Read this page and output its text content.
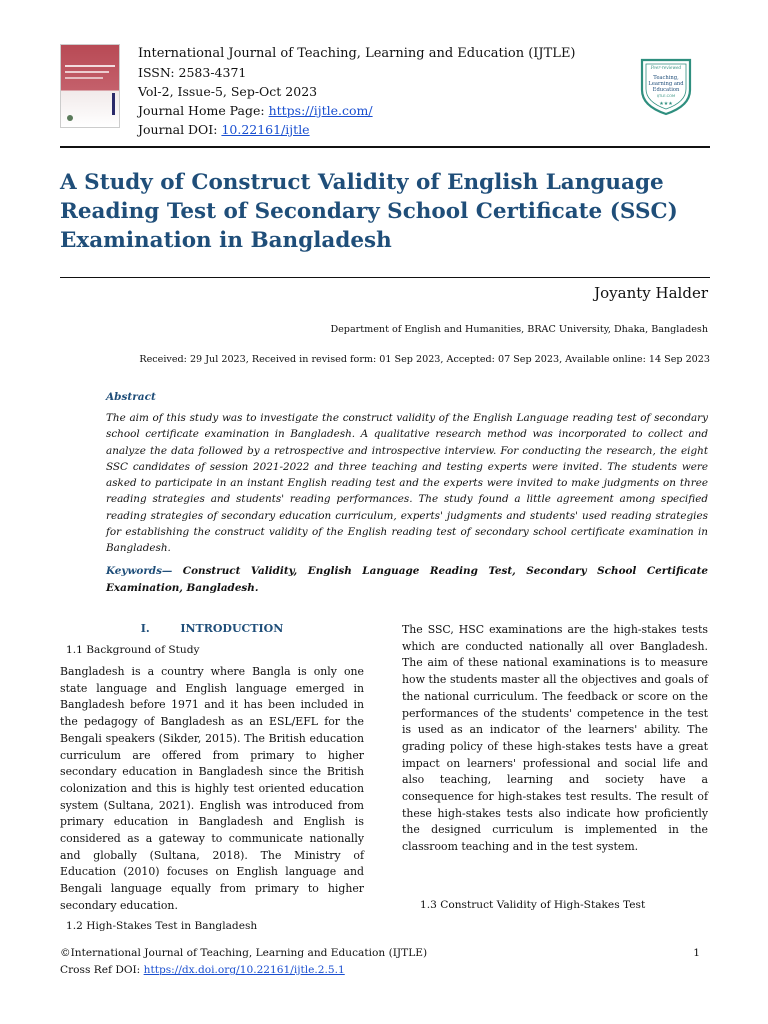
International Journal of Teaching, Learning and Education (IJTLE)
ISSN: 2583-4371
Vol-2, Issue-5, Sep-Oct 2023
Journal Home Page: https://ijtle.com/
Journal DOI: 10.22161/ijtle
Peer-reviewed
Teaching,
Learning and
Education
IJTLE.COM
★★★
A Study of Construct Validity of English Language
Reading Test of Secondary School Certificate (SSC)
Examination in Bangladesh
Joyanty Halder
Department of English and Humanities, BRAC University, Dhaka, Bangladesh
Received: 29 Jul 2023, Received in revised form: 01 Sep 2023, Accepted: 07 Sep 2023, Available online: 14 Sep 2023
Abstract
The aim of this study was to investigate the construct validity of the English Language reading test of secondary school certificate examination in Bangladesh. A qualitative research method was incorporated to collect and analyze the data followed by a retrospective and introspective interview. For conducting the research, the eight SSC candidates of session 2021-2022 and three teaching and testing experts were invited. The students were asked to participate in an instant English reading test and the experts were invited to make judgments on three reading strategies and students' reading performances. The study found a little agreement among specified reading strategies of secondary education curriculum, experts' judgments and students' used reading strategies for establishing the construct validity of the English reading test of secondary school certificate examination in Bangladesh.
Keywords— Construct Validity, English Language Reading Test, Secondary School Certificate Examination, Bangladesh.
I.        INTRODUCTION
1.1 Background of Study
Bangladesh is a country where Bangla is only one state language and English language emerged in Bangladesh before 1971 and it has been included in the pedagogy of Bangladesh as an ESL/EFL for the Bengali speakers (Sikder, 2015). The British education curriculum are offered from primary to higher secondary education in Bangladesh since the British colonization and this is highly test oriented education system (Sultana, 2021). English was introduced from primary education in Bangladesh and English is considered as a gateway to communicate nationally and globally (Sultana, 2018). The Ministry of Education (2010) focuses on English language and Bengali language equally from primary to higher secondary education.
1.2 High-Stakes Test in Bangladesh
The SSC, HSC examinations are the high-stakes tests which are conducted nationally all over Bangladesh. The aim of these national examinations is to measure how the students master all the objectives and goals of the national curriculum. The feedback or score on the performances of the students' competence in the test is used as an indicator of the learners' ability. The grading policy of these high-stakes tests have a great impact on learners' professional and social life and also teaching, learning and society have a consequence for high-stakes test results. The result of these high-stakes tests also indicate how proficiently the designed curriculum is implemented in the classroom teaching and in the test system.
1.3 Construct Validity of High-Stakes Test
©International Journal of Teaching, Learning and Education (IJTLE)
Cross Ref DOI: https://dx.doi.org/10.22161/ijtle.2.5.1
1
